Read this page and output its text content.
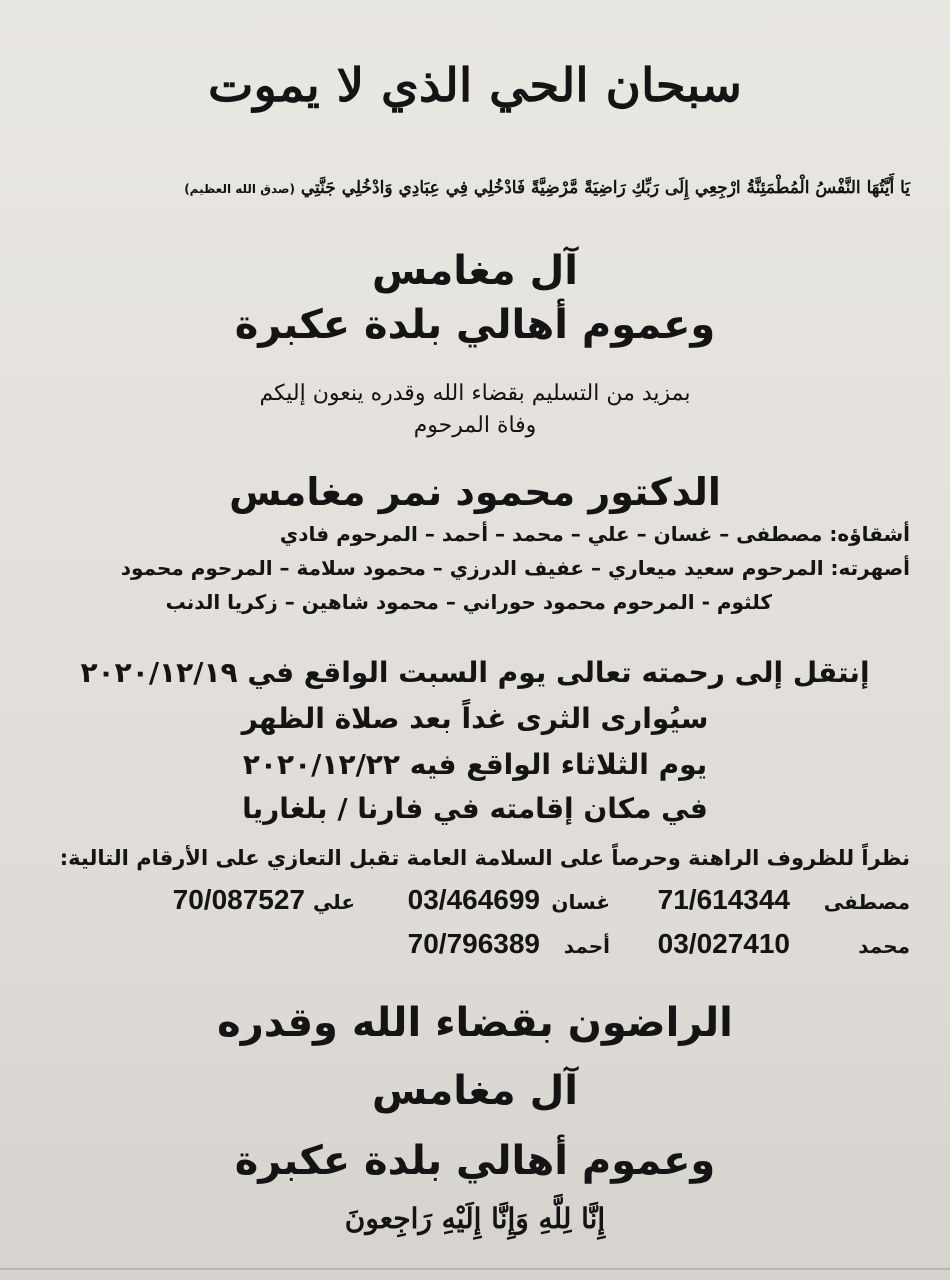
سبحان الحي الذي لا يموت
يَا أَيَّتُهَا النَّفْسُ الْمُطْمَئِنَّةُ ارْجِعِي إِلَى رَبِّكِ رَاضِيَةً مَّرْضِيَّةً فَادْخُلِي فِي عِبَادِي وَادْخُلِي جَنَّتِي (صدق الله العظيم)
آل مغامس
وعموم أهالي بلدة عكبرة
بمزيد من التسليم بقضاء الله وقدره ينعون إليكم
وفاة المرحوم
الدكتور محمود نمر مغامس
أشقاؤه: مصطفى – غسان – علي – محمد – أحمد – المرحوم فادي
أصهرته: المرحوم سعيد ميعاري – عفيف الدرزي – محمود سلامة – المرحوم محمود
كلثوم - المرحوم محمود حوراني – محمود شاهين – زكريا الدنب
إنتقل إلى رحمته تعالى يوم السبت الواقع في ٢٠٢٠/١٢/١٩
سيُوارى الثرى غداً بعد صلاة الظهر
يوم الثلاثاء الواقع فيه ٢٠٢٠/١٢/٢٢
في مكان إقامته في فارنا / بلغاريا
نظراً للظروف الراهنة وحرصاً على السلامة العامة تقبل التعازي على الأرقام التالية:
مصطفى
71/614344
غسان
03/464699
علي
70/087527
محمد
03/027410
أحمد
70/796389
الراضون بقضاء الله وقدره
آل مغامس
وعموم أهالي بلدة عكبرة
إِنَّا لِلَّهِ وَإِنَّا إِلَيْهِ رَاجِعونَ
